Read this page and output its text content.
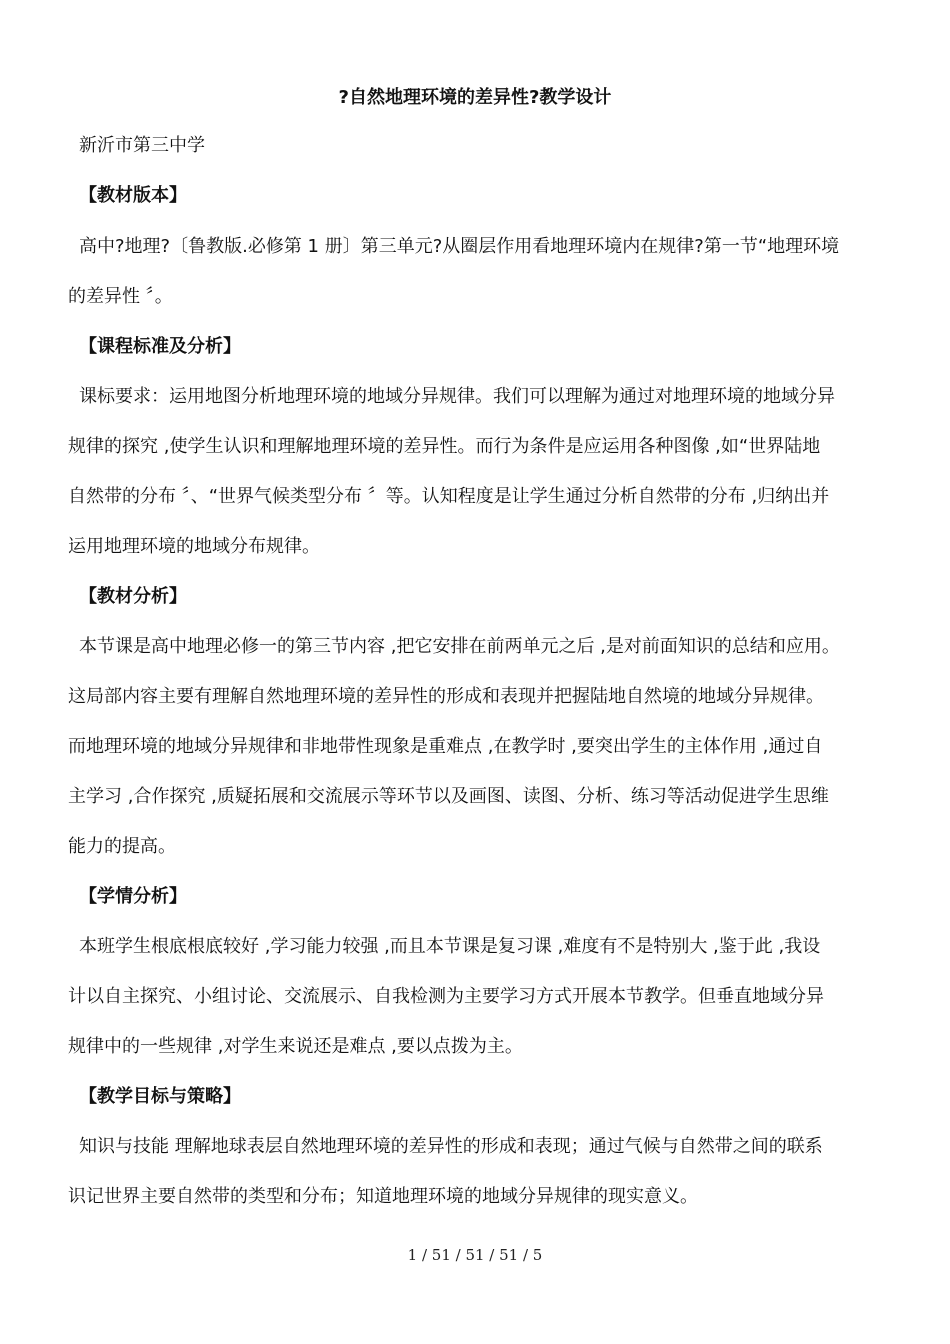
?自然地理环境的差异性?教学设计
新沂市第三中学
【教材版本】
高中?地理?〔鲁教版.必修第 1 册〕第三单元?从圈层作用看地理环境内在规律?第一节“地理环境
的差异性 〞。
【课程标准及分析】
课标要求：运用地图分析地理环境的地域分异规律。我们可以理解为通过对地理环境的地域分异
规律的探究 ,使学生认识和理解地理环境的差异性。而行为条件是应运用各种图像 ,如“世界陆地
自然带的分布 〞、“世界气候类型分布 〞等。认知程度是让学生通过分析自然带的分布 ,归纳出并
运用地理环境的地域分布规律。
【教材分析】
本节课是高中地理必修一的第三节内容 ,把它安排在前两单元之后 ,是对前面知识的总结和应用。
这局部内容主要有理解自然地理环境的差异性的形成和表现并把握陆地自然境的地域分异规律。
而地理环境的地域分异规律和非地带性现象是重难点 ,在教学时 ,要突出学生的主体作用 ,通过自
主学习 ,合作探究 ,质疑拓展和交流展示等环节以及画图、读图、分析、练习等活动促进学生思维
能力的提高。
【学情分析】
本班学生根底根底较好 ,学习能力较强 ,而且本节课是复习课 ,难度有不是特别大 ,鉴于此 ,我设
计以自主探究、小组讨论、交流展示、自我检测为主要学习方式开展本节教学。但垂直地域分异
规律中的一些规律 ,对学生来说还是难点 ,要以点拨为主。
【教学目标与策略】
知识与技能 理解地球表层自然地理环境的差异性的形成和表现；通过气候与自然带之间的联系
识记世界主要自然带的类型和分布；知道地理环境的地域分异规律的现实意义。
1 / 51 / 51 / 51 / 5
